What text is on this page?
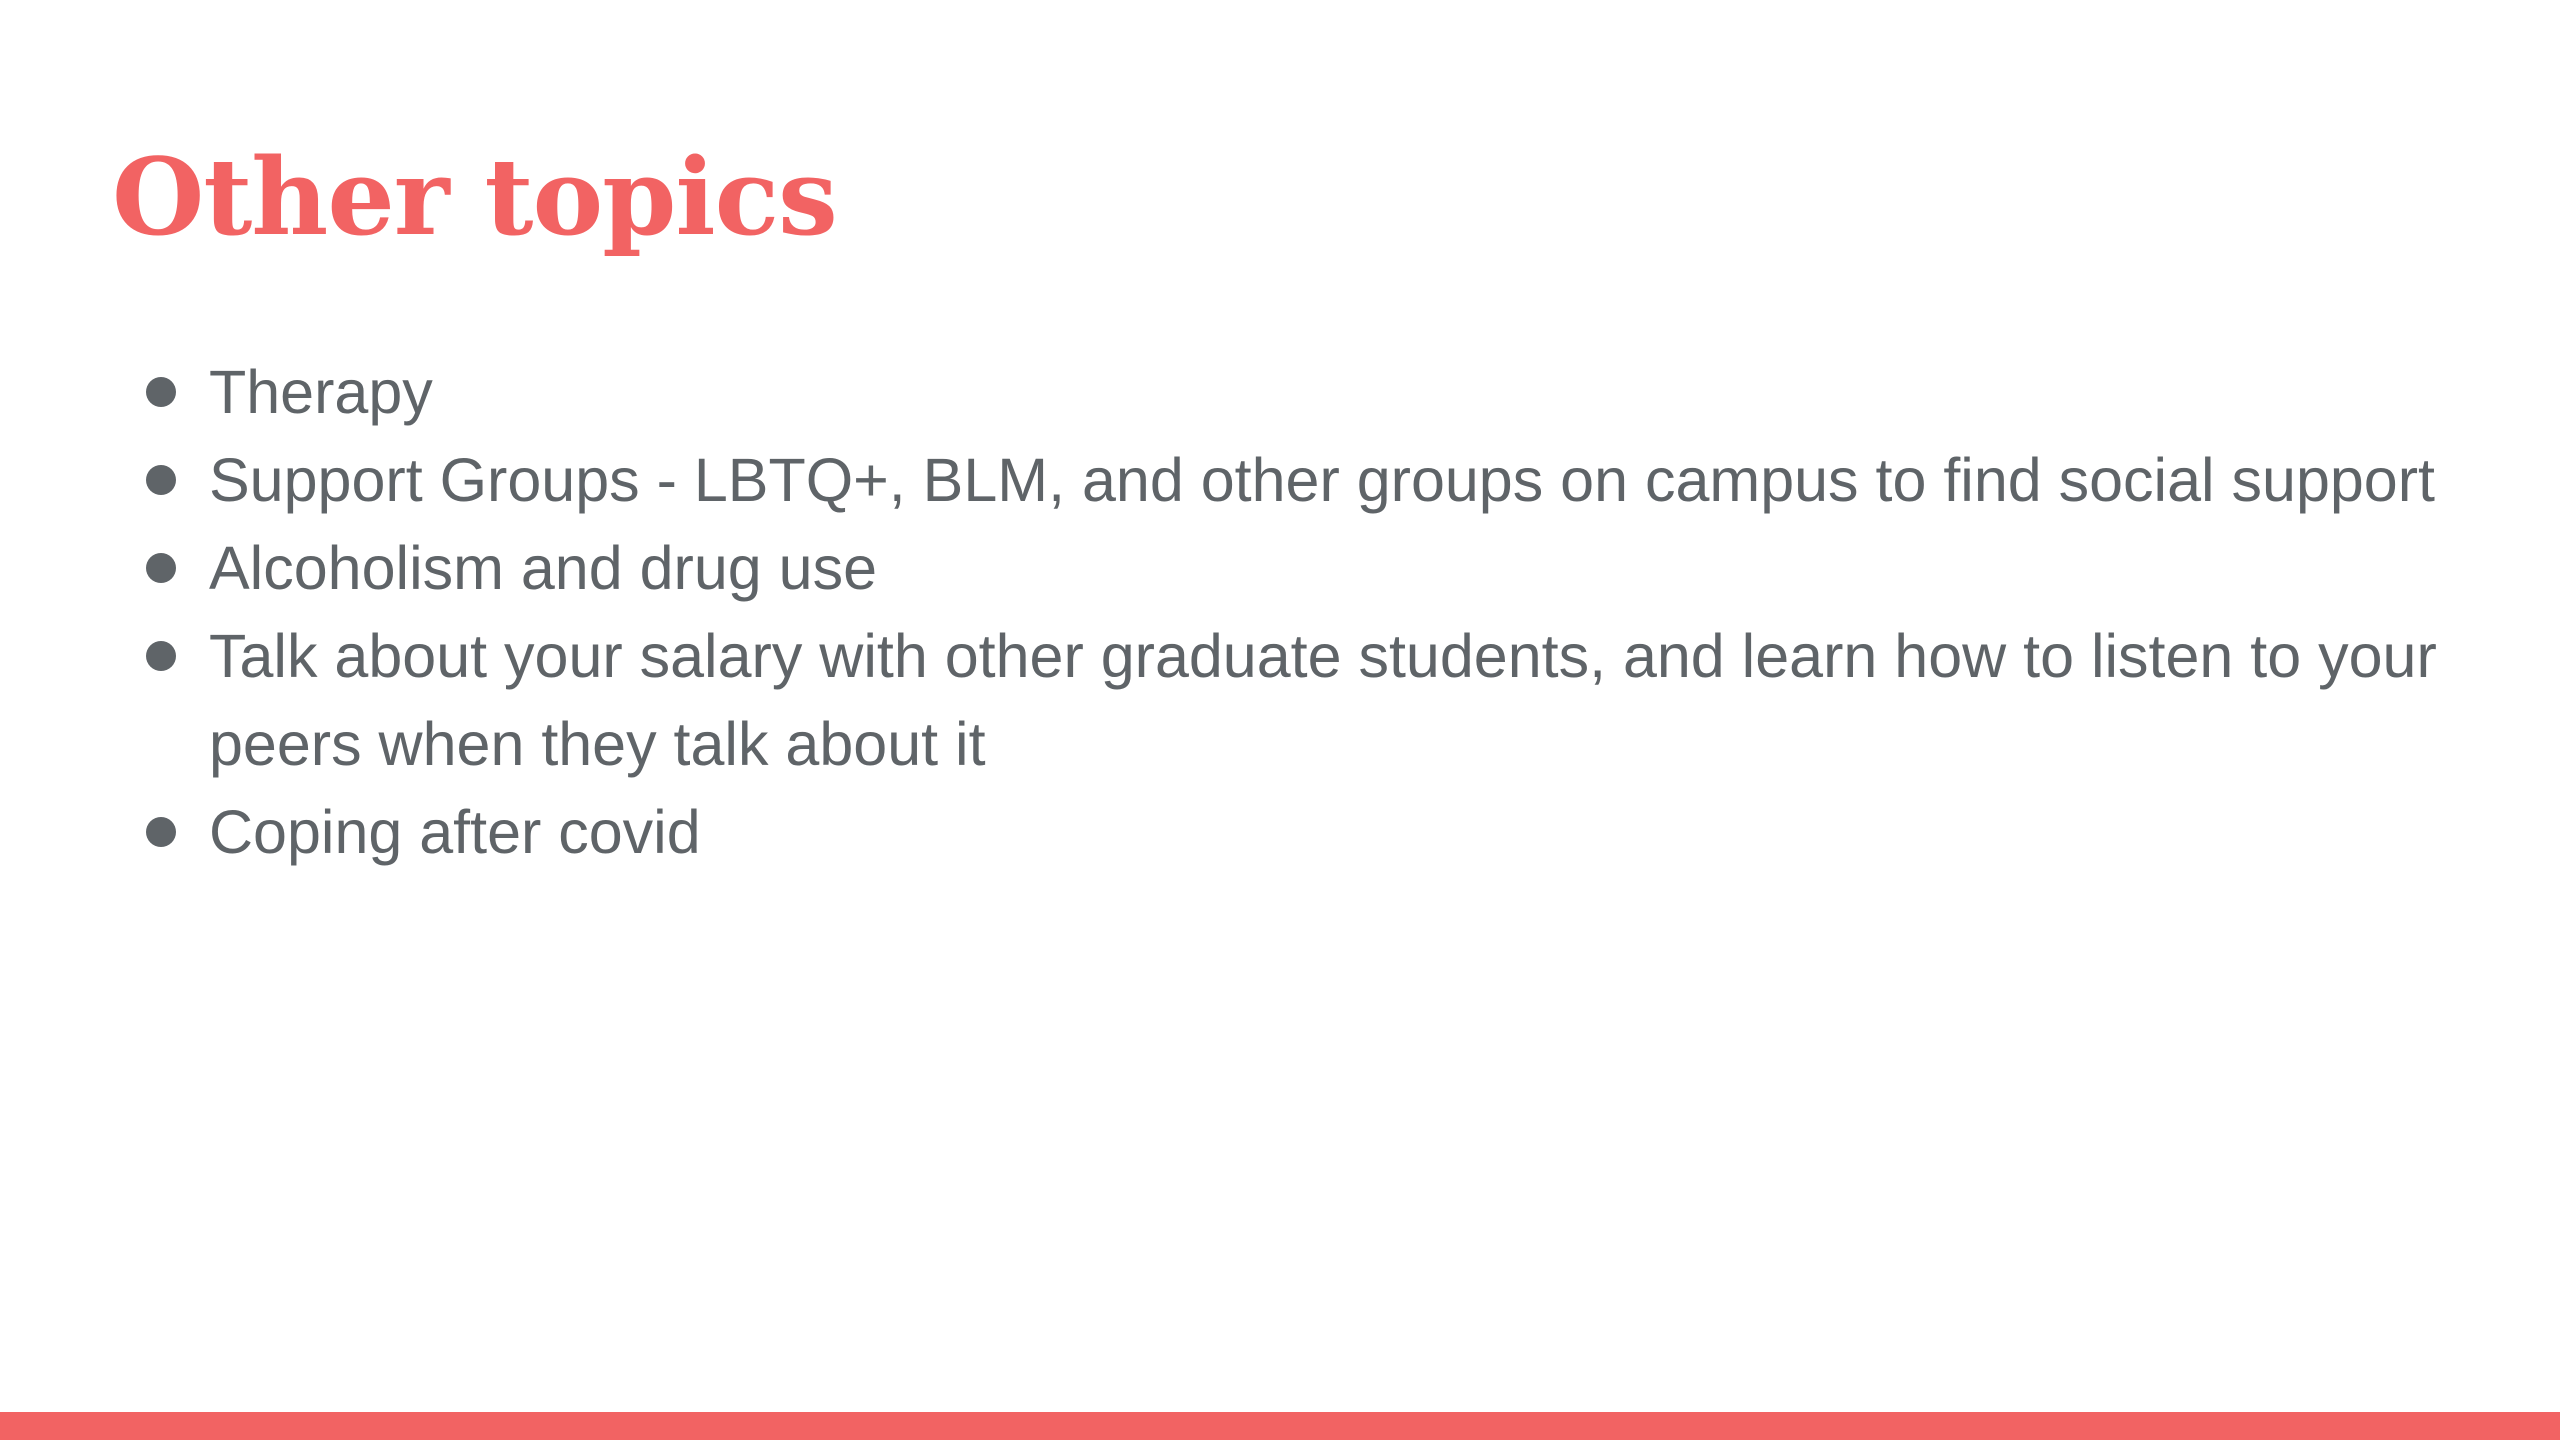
Other topics
Therapy
Support Groups - LBTQ+, BLM, and other groups on campus to find social support
Alcoholism and drug use
Talk about your salary with other graduate students, and learn how to listen to your peers when they talk about it
Coping after covid
